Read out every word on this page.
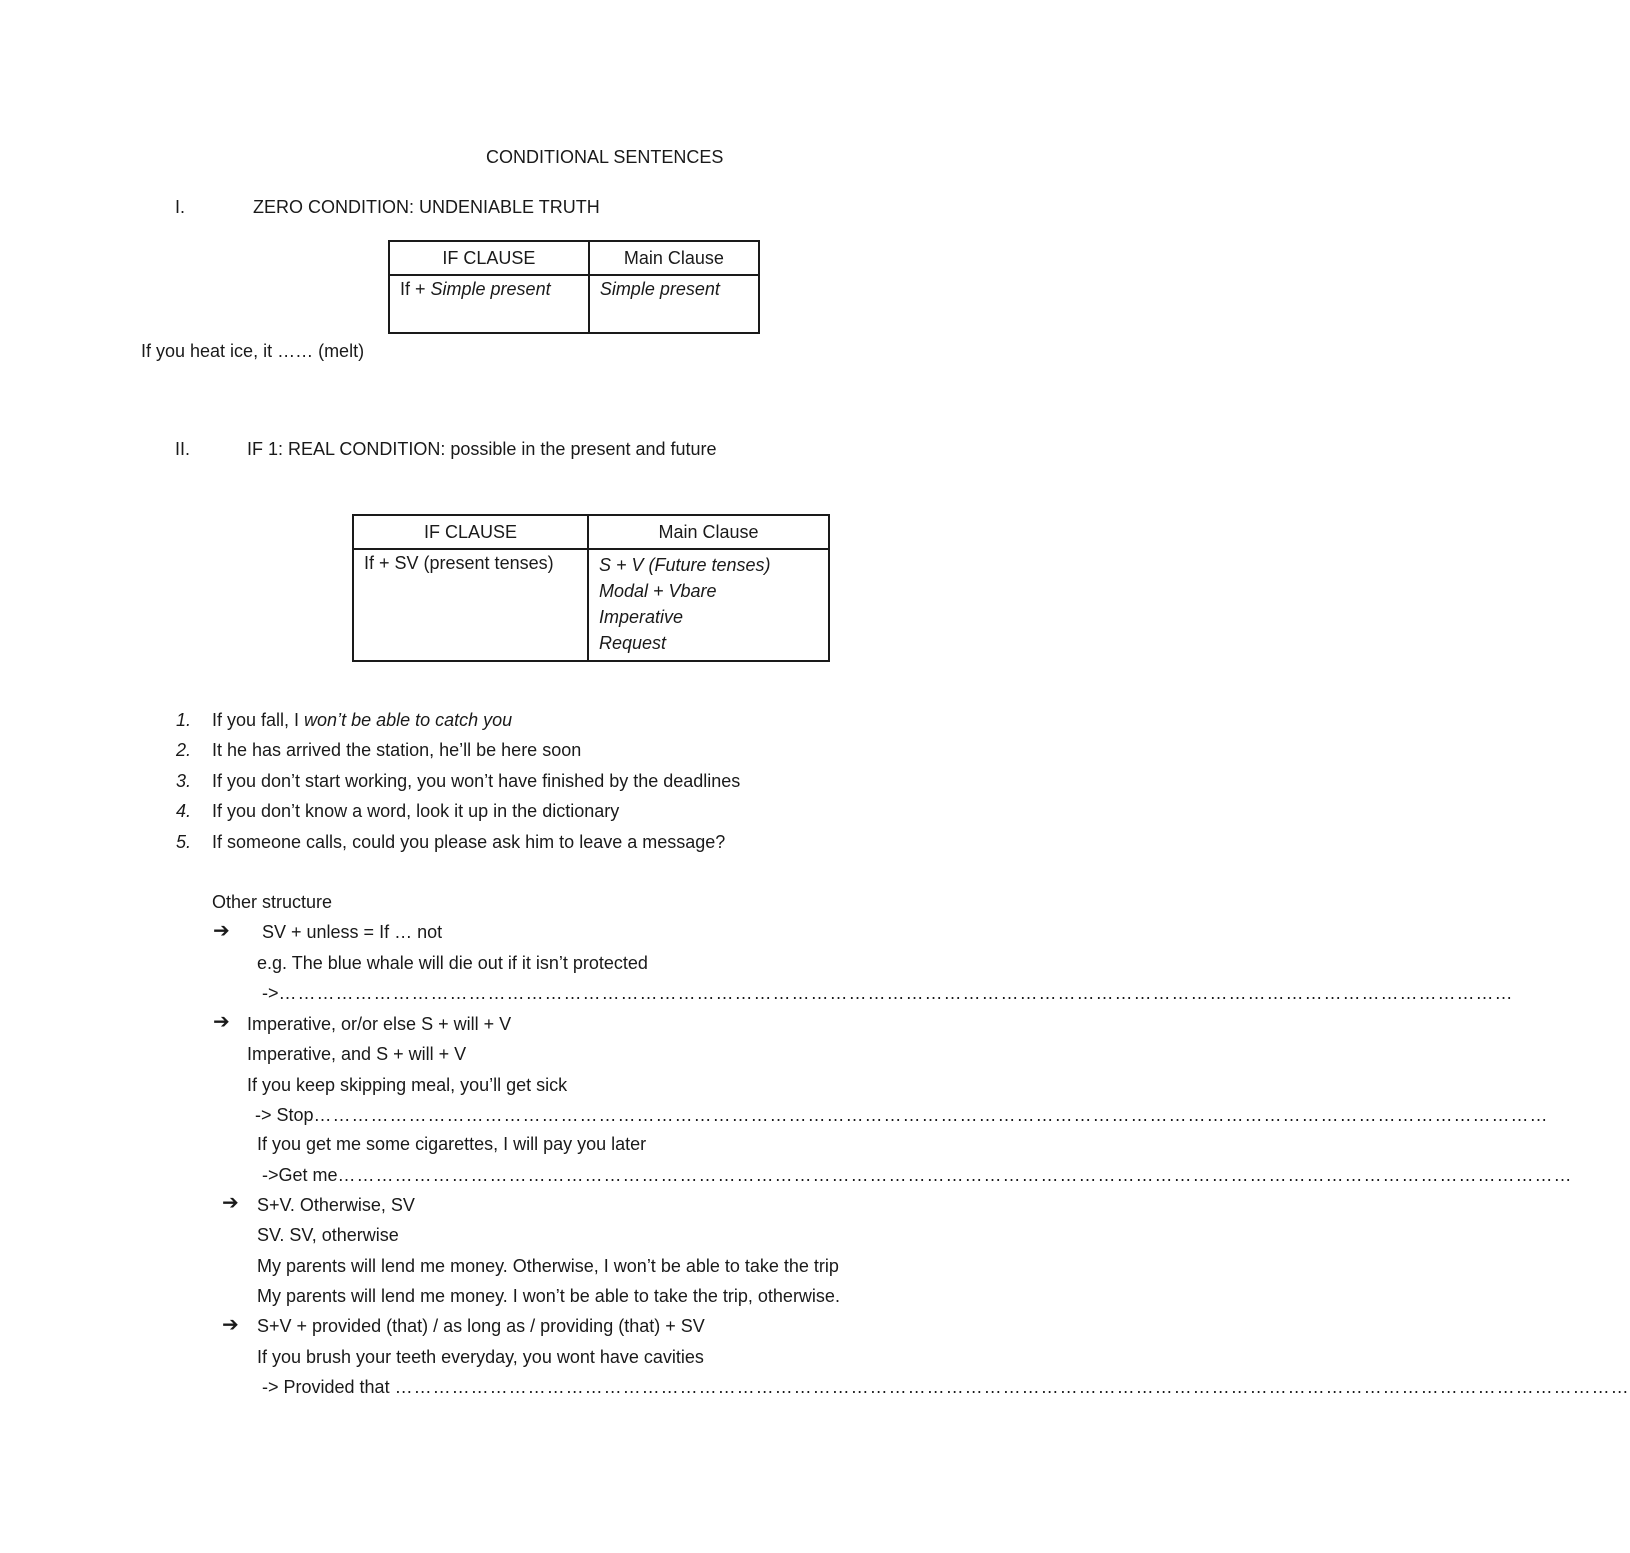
CONDITIONAL SENTENCES
I.	ZERO CONDITION: UNDENIABLE TRUTH
IF CLAUSE	Main Clause
If + Simple present	Simple present
If you heat ice, it …… (melt)
II.	IF 1: REAL CONDITION: possible in the present and future
IF CLAUSE	Main Clause
If + SV (present tenses)	S + V (Future tenses)
Modal + Vbare
Imperative
Request
1. If you fall, I won’t be able to catch you
2. It he has arrived the station, he’ll be here soon
3. If you don’t start working, you won’t have finished by the deadlines
4. If you don’t know a word, look it up in the dictionary
5. If someone calls, could you please ask him to leave a message?
Other structure
➔ SV + unless = If … not
e.g. The blue whale will die out if it isn’t protected
-> ……………………………………………………………………………………………………………………………………………………………………………
➔ Imperative, or/or else S + will + V
Imperative, and S + will + V
If you keep skipping meal, you’ll get sick
-> Stop ……………………………………………………………………………………………………………………………………………………………………………
If you get me some cigarettes, I will pay you later
->Get me ……………………………………………………………………………………………………………………………………………………………………………
➔ S+V. Otherwise, SV
SV. SV, otherwise
My parents will lend me money. Otherwise, I won’t be able to take the trip
My parents will lend me money. I won’t be able to take the trip, otherwise.
➔ S+V + provided (that) / as long as / providing (that) + SV
If you brush your teeth everyday, you wont have cavities
-> Provided that ……………………………………………………………………………………………………………………………………………………………………………
